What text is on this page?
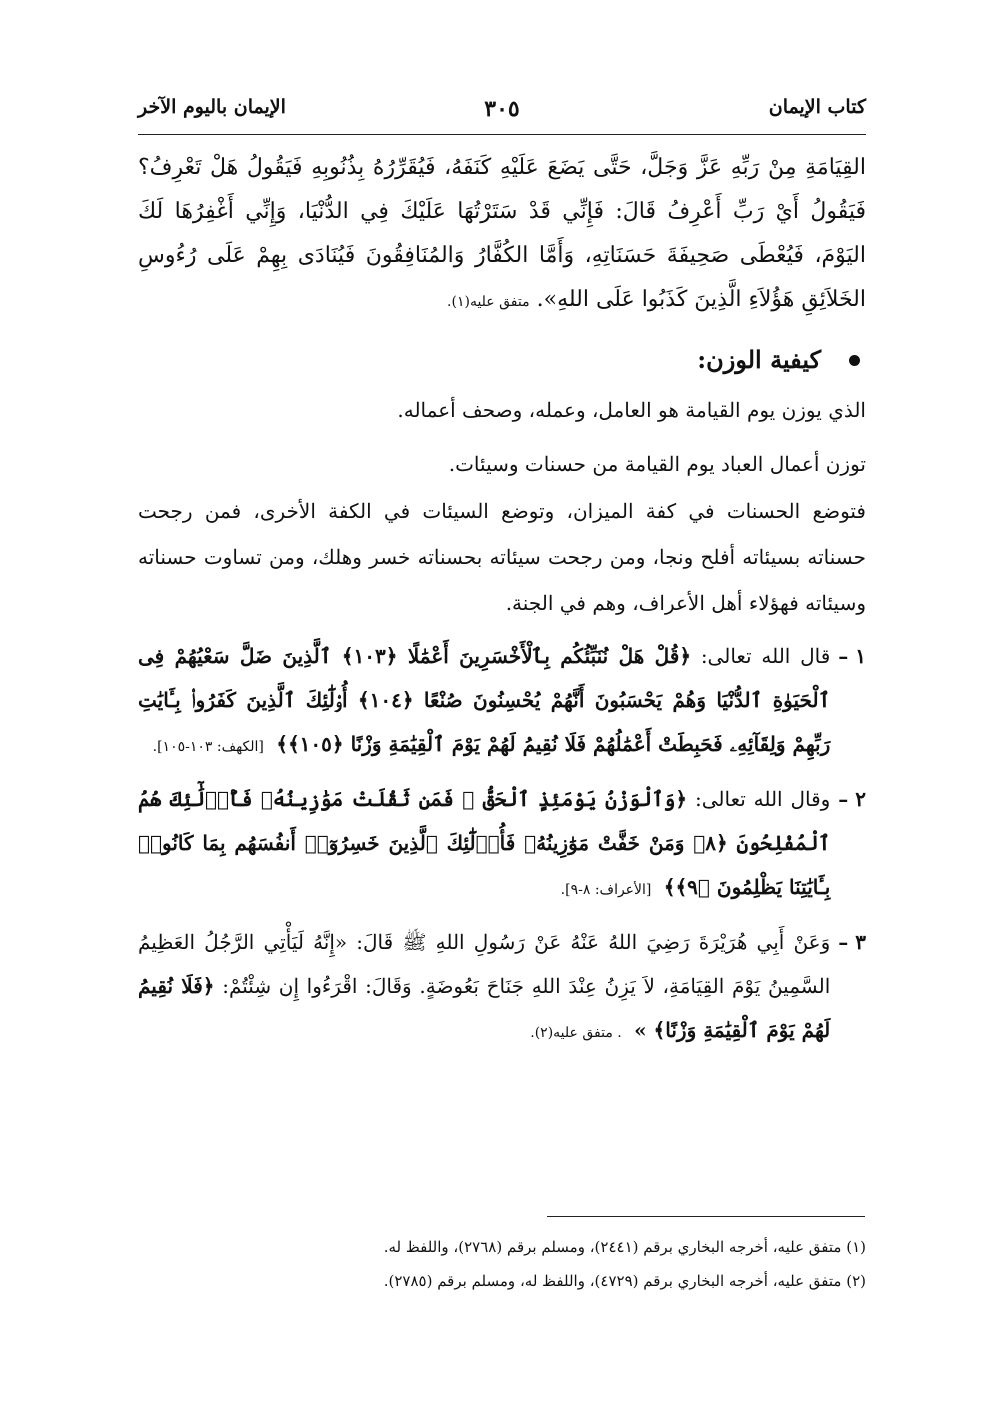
كتاب الإيمان
٣٠٥
الإيمان باليوم الآخر

القِيَامَةِ مِنْ رَبِّهِ عَزَّ وَجَلَّ، حَتَّى يَضَعَ عَلَيْهِ كَنَفَهُ، فَيُقَرِّرُهُ بِذُنُوبِهِ فَيَقُولُ هَلْ تَعْرِفُ؟ فَيَقُولُ أَيْ رَبِّ أَعْرِفُ قَالَ: فَإِنِّي قَدْ سَتَرْتُهَا عَلَيْكَ فِي الدُّنْيَا، وَإِنِّي أَغْفِرُهَا لَكَ اليَوْمَ، فَيُعْطَى صَحِيفَةَ حَسَنَاتِهِ، وَأَمَّا الكُفَّارُ وَالمُنَافِقُونَ فَيُنَادَى بِهِمْ عَلَى رُءُوسِ الخَلاَئِقِ هَؤُلاَءِ الَّذِينَ كَذَبُوا عَلَى اللهِ». متفق عليه(١).

كيفية الوزن:

الذي يوزن يوم القيامة هو العامل، وعمله، وصحف أعماله.

توزن أعمال العباد يوم القيامة من حسنات وسيئات.

فتوضع الحسنات في كفة الميزان، وتوضع السيئات في الكفة الأخرى، فمن رجحت حسناته بسيئاته أفلح ونجا، ومن رجحت سيئاته بحسناته خسر وهلك، ومن تساوت حسناته وسيئاته فهؤلاء أهل الأعراف، وهم في الجنة.

١ –
قال الله تعالى: ﴿قُلْ هَلْ نُنَبِّئُكُم بِٱلْأَخْسَرِينَ أَعْمَٰلًا ﴿١٠٣﴾ ٱلَّذِينَ ضَلَّ سَعْيُهُمْ فِى ٱلْحَيَوٰةِ ٱلدُّنْيَا وَهُمْ يَحْسَبُونَ أَنَّهُمْ يُحْسِنُونَ صُنْعًا ﴿١٠٤﴾ أُو۟لَٰٓئِكَ ٱلَّذِينَ كَفَرُوا۟ بِـَٔايَٰتِ رَبِّهِمْ وَلِقَآئِهِۦ فَحَبِطَتْ أَعْمَٰلُهُمْ فَلَا نُقِيمُ لَهُمْ يَوْمَ ٱلْقِيَٰمَةِ وَزْنًا ﴿١٠٥﴾﴾ [الكهف: ١٠٣-١٠٥].
٢ –
وقال الله تعالى: ﴿وَٱلْوَزْنُ يَوْمَئِذٍ ٱلْحَقُّ ۚ فَمَن ثَقُلَتْ مَوَٰزِينُهُۥ فَأُو۟لَٰٓئِكَ هُمُ ٱلْمُفْلِحُونَ ﴿٨﴾ وَمَنْ خَفَّتْ مَوَٰزِينُهُۥ فَأُو۟لَٰٓئِكَ ٱلَّذِينَ خَسِرُوٓا۟ أَنفُسَهُم بِمَا كَانُوا۟ بِـَٔايَٰتِنَا يَظْلِمُونَ ﴿٩﴾﴾ [الأعراف: ٨-٩].
٣ –
وَعَنْ أَبِي هُرَيْرَةَ رَضِيَ اللهُ عَنْهُ عَنْ رَسُولِ اللهِ ﷺ قَالَ: «إِنَّهُ لَيَأْتِي الرَّجُلُ العَظِيمُ السَّمِينُ يَوْمَ القِيَامَةِ، لاَ يَزِنُ عِنْدَ اللهِ جَنَاحَ بَعُوضَةٍ. وَقَالَ: اقْرَءُوا إِن شِئْتُمْ: ﴿فَلَا نُقِيمُ لَهُمْ يَوْمَ ٱلْقِيَٰمَةِ وَزْنًا﴾ » . متفق عليه(٢).
(١) متفق عليه، أخرجه البخاري برقم (٢٤٤١)، ومسلم برقم (٢٧٦٨)، واللفظ له.
(٢) متفق عليه، أخرجه البخاري برقم (٤٧٢٩)، واللفظ له، ومسلم برقم (٢٧٨٥).
